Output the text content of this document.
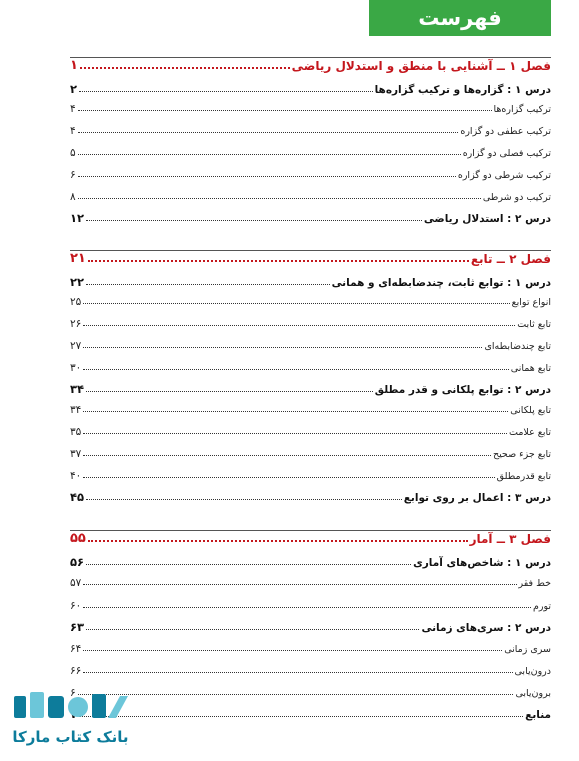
فهرست
فصل ۱ ــ آشنایی با منطق و استدلال ریاضی
۱
درس ۱ : گزاره‌ها و ترکیب گزاره‌ها
۲
ترکیب گزاره‌ها
۴
ترکیب عطفی دو گزاره
۴
ترکیب فصلی دو گزاره
۵
ترکیب شرطی دو گزاره
۶
ترکیب دو شرطی
۸
درس ۲ : استدلال ریاضی
۱۲
فصل ۲ ــ تابع
۲۱
درس ۱ : توابع ثابت، چندضابطه‌ای و همانی
۲۲
انواع توابع
۲۵
تابع ثابت
۲۶
تابع چندضابطه‌ای
۲۷
تابع همانی
۳۰
درس ۲ : توابع پلکانی و قدر مطلق
۳۴
تابع پلکانی
۳۴
تابع علامت
۳۵
تابع جزء صحیح
۳۷
تابع قدرمطلق
۴۰
درس ۳ : اعمال بر روی توابع
۴۵
فصل ۳ ــ آمار
۵۵
درس ۱ : شاخص‌های آماری
۵۶
خط فقر
۵۷
تورم
۶۰
درس ۲ : سری‌های زمانی
۶۳
سری زمانی
۶۴
درون‌یابی
۶۶
برون‌یابی
۶
منابع
بانک کتاب مارکا
